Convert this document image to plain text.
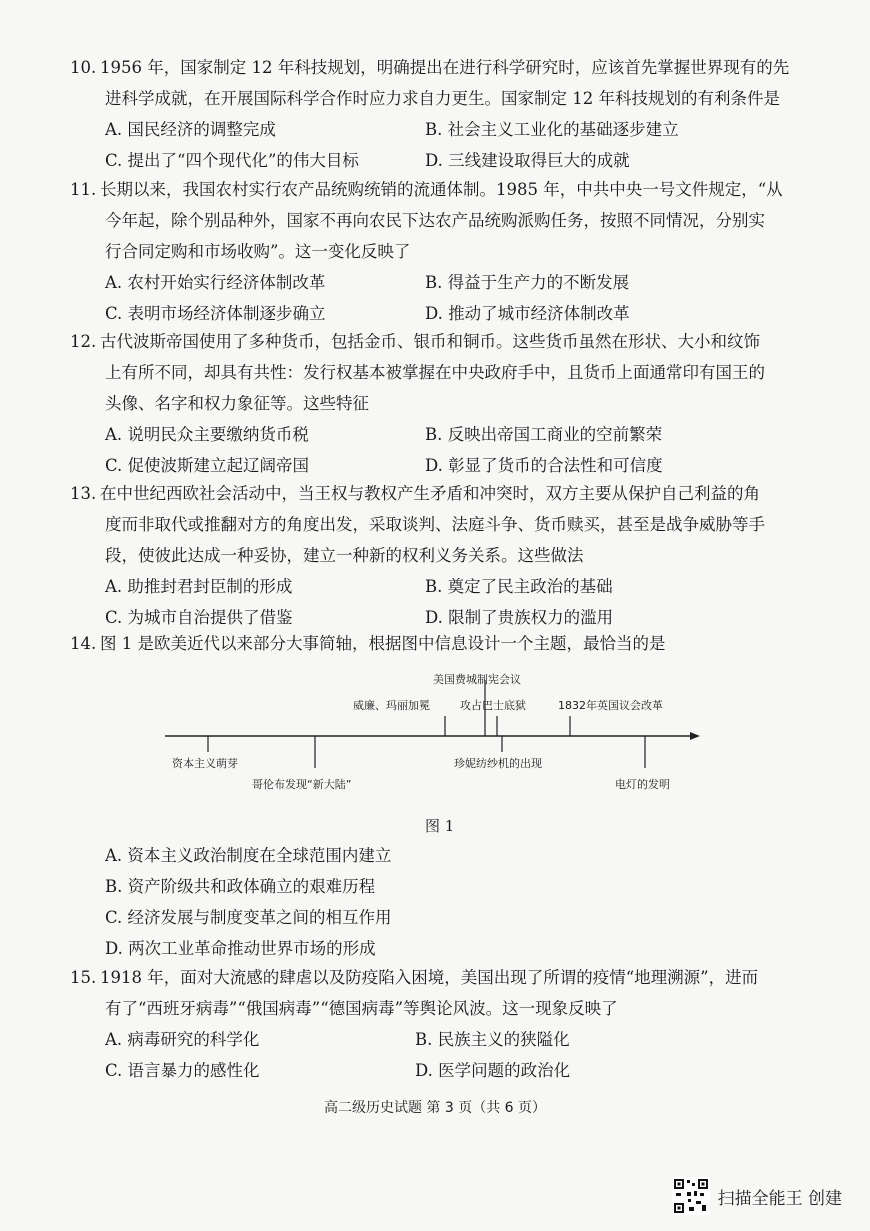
10. 1956 年，国家制定 12 年科技规划，明确提出在进行科学研究时，应该首先掌握世界现有的先
进科学成就，在开展国际科学合作时应力求自力更生。国家制定 12 年科技规划的有利条件是
A. 国民经济的调整完成	B. 社会主义工业化的基础逐步建立
C. 提出了“四个现代化”的伟大目标	D. 三线建设取得巨大的成就
11. 长期以来，我国农村实行农产品统购统销的流通体制。1985 年，中共中央一号文件规定，“从
今年起，除个别品种外，国家不再向农民下达农产品统购派购任务，按照不同情况，分别实
行合同定购和市场收购”。这一变化反映了
A. 农村开始实行经济体制改革	B. 得益于生产力的不断发展
C. 表明市场经济体制逐步确立	D. 推动了城市经济体制改革
12. 古代波斯帝国使用了多种货币，包括金币、银币和铜币。这些货币虽然在形状、大小和纹饰
上有所不同，却具有共性：发行权基本被掌握在中央政府手中，且货币上面通常印有国王的
头像、名字和权力象征等。这些特征
A. 说明民众主要缴纳货币税	B. 反映出帝国工商业的空前繁荣
C. 促使波斯建立起辽阔帝国	D. 彰显了货币的合法性和可信度
13. 在中世纪西欧社会活动中，当王权与教权产生矛盾和冲突时，双方主要从保护自己利益的角
度而非取代或推翻对方的角度出发，采取谈判、法庭斗争、货币赎买，甚至是战争威胁等手
段，使彼此达成一种妥协，建立一种新的权利义务关系。这些做法
A. 助推封君封臣制的形成	B. 奠定了民主政治的基础
C. 为城市自治提供了借鉴	D. 限制了贵族权力的滥用
14. 图 1 是欧美近代以来部分大事简轴，根据图中信息设计一个主题，最恰当的是
美国费城制宪会议
威廉、玛丽加冕	攻占巴士底狱	1832年英国议会改革
资本主义萌芽	珍妮纺纱机的出现
哥伦布发现“新大陆”	电灯的发明
图 1
A. 资本主义政治制度在全球范围内建立
B. 资产阶级共和政体确立的艰难历程
C. 经济发展与制度变革之间的相互作用
D. 两次工业革命推动世界市场的形成
15. 1918 年，面对大流感的肆虐以及防疫陷入困境，美国出现了所谓的疫情“地理溯源”，进而
有了“西班牙病毒”“俄国病毒”“德国病毒”等舆论风波。这一现象反映了
A. 病毒研究的科学化	B. 民族主义的狭隘化
C. 语言暴力的感性化	D. 医学问题的政治化
高二级历史试题 第 3 页（共 6 页）
扫描全能王 创建
